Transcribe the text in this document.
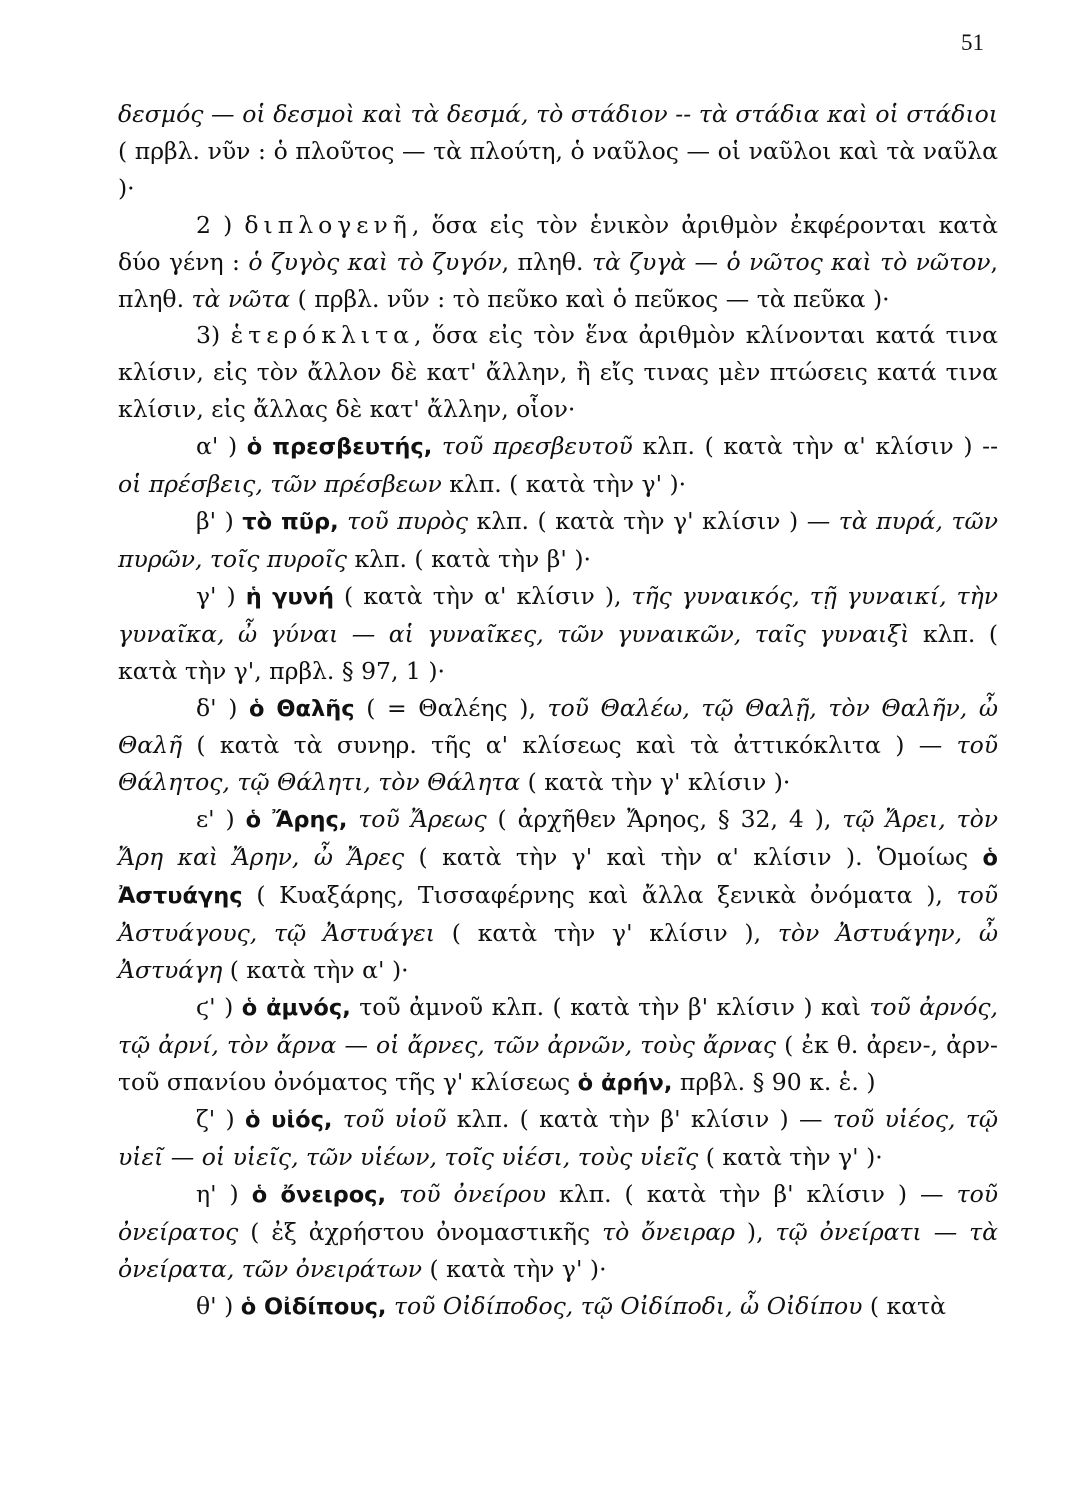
51

δεσμός — οἱ δεσμοὶ καὶ τὰ δεσμά, τὸ στάδιον -- τὰ στάδια καὶ οἱ στάδιοι ( πρβλ. νῦν : ὁ πλοῦτος — τὰ πλούτη, ὁ ναῦλος — οἱ ναῦλοι καὶ τὰ ναῦλα )·

2 ) διπλογενῆ, ὅσα εἰς τὸν ἑνικὸν ἀριθμὸν ἐκφέρονται κατὰ δύο γένη : ὁ ζυγὸς καὶ τὸ ζυγόν, πληθ. τὰ ζυγὰ — ὁ νῶτος καὶ τὸ νῶτον, πληθ. τὰ νῶτα ( πρβλ. νῦν : τὸ πεῦκο καὶ ὁ πεῦκος — τὰ πεῦκα )·

3) ἑτερόκλιτα, ὅσα εἰς τὸν ἕνα ἀριθμὸν κλίνονται κατά τινα κλίσιν, εἰς τὸν ἄλλον δὲ κατ' ἄλλην, ἢ εἴς τινας μὲν πτώσεις κατά τινα κλίσιν, εἰς ἄλλας δὲ κατ' ἄλλην, οἷον·

α' ) ὁ πρεσβευτής, τοῦ πρεσβευτοῦ κλπ. ( κατὰ τὴν α' κλίσιν ) -- οἱ πρέσβεις, τῶν πρέσβεων κλπ. ( κατὰ τὴν γ' )·

β' ) τὸ πῦρ, τοῦ πυρὸς κλπ. ( κατὰ τὴν γ' κλίσιν ) — τὰ πυρά, τῶν πυρῶν, τοῖς πυροῖς κλπ. ( κατὰ τὴν β' )·

γ' ) ἡ γυνή ( κατὰ τὴν α' κλίσιν ), τῆς γυναικός, τῇ γυναικί, τὴν γυναῖκα, ὦ γύναι — αἱ γυναῖκες, τῶν γυναικῶν, ταῖς γυναιξὶ κλπ. ( κατὰ τὴν γ', πρβλ. § 97, 1 )·

δ' ) ὁ Θαλῆς ( = Θαλέης ), τοῦ Θαλέω, τῷ Θαλῇ, τὸν Θαλῆν, ὦ Θαλῆ ( κατὰ τὰ συνηρ. τῆς α' κλίσεως καὶ τὰ ἀττικόκλιτα ) — τοῦ Θάλητος, τῷ Θάλητι, τὸν Θάλητα ( κατὰ τὴν γ' κλίσιν )·

ε' ) ὁ Ἄρης, τοῦ Ἄρεως ( ἀρχῆθεν Ἄρηος, § 32, 4 ), τῷ Ἄρει, τὸν Ἄρη καὶ Ἄρην, ὦ Ἄρες ( κατὰ τὴν γ' καὶ τὴν α' κλίσιν ). Ὁμοίως ὁ Ἀστυάγης ( Κυαξάρης, Τισσαφέρνης καὶ ἄλλα ξενικὰ ὀνόματα ), τοῦ Ἀστυάγους, τῷ Ἀστυάγει ( κατὰ τὴν γ' κλίσιν ), τὸν Ἀστυάγην, ὦ Ἀστυάγη ( κατὰ τὴν α' )·

ϛ' ) ὁ ἀμνός, τοῦ ἀμνοῦ κλπ. ( κατὰ τὴν β' κλίσιν ) καὶ τοῦ ἀρνός, τῷ ἀρνί, τὸν ἄρνα — οἱ ἄρνες, τῶν ἀρνῶν, τοὺς ἄρνας ( ἐκ θ. ἀρεν-, ἀρν- τοῦ σπανίου ὀνόματος τῆς γ' κλίσεως ὁ ἀρήν, πρβλ. § 90 κ. ἑ. )

ζ' ) ὁ υἱός, τοῦ υἱοῦ κλπ. ( κατὰ τὴν β' κλίσιν ) — τοῦ υἱέος, τῷ υἱεῖ — οἱ υἱεῖς, τῶν υἱέων, τοῖς υἱέσι, τοὺς υἱεῖς ( κατὰ τὴν γ' )·

η' ) ὁ ὄνειρος, τοῦ ὀνείρου κλπ. ( κατὰ τὴν β' κλίσιν ) — τοῦ ὀνείρατος ( ἐξ ἀχρήστου ὀνομαστικῆς τὸ ὄνειραρ ), τῷ ὀνείρατι — τὰ ὀνείρατα, τῶν ὀνειράτων ( κατὰ τὴν γ' )·

θ' ) ὁ Οἰδίπους, τοῦ Οἰδίποδος, τῷ Οἰδίποδι, ὦ Οἰδίπου ( κατὰ
